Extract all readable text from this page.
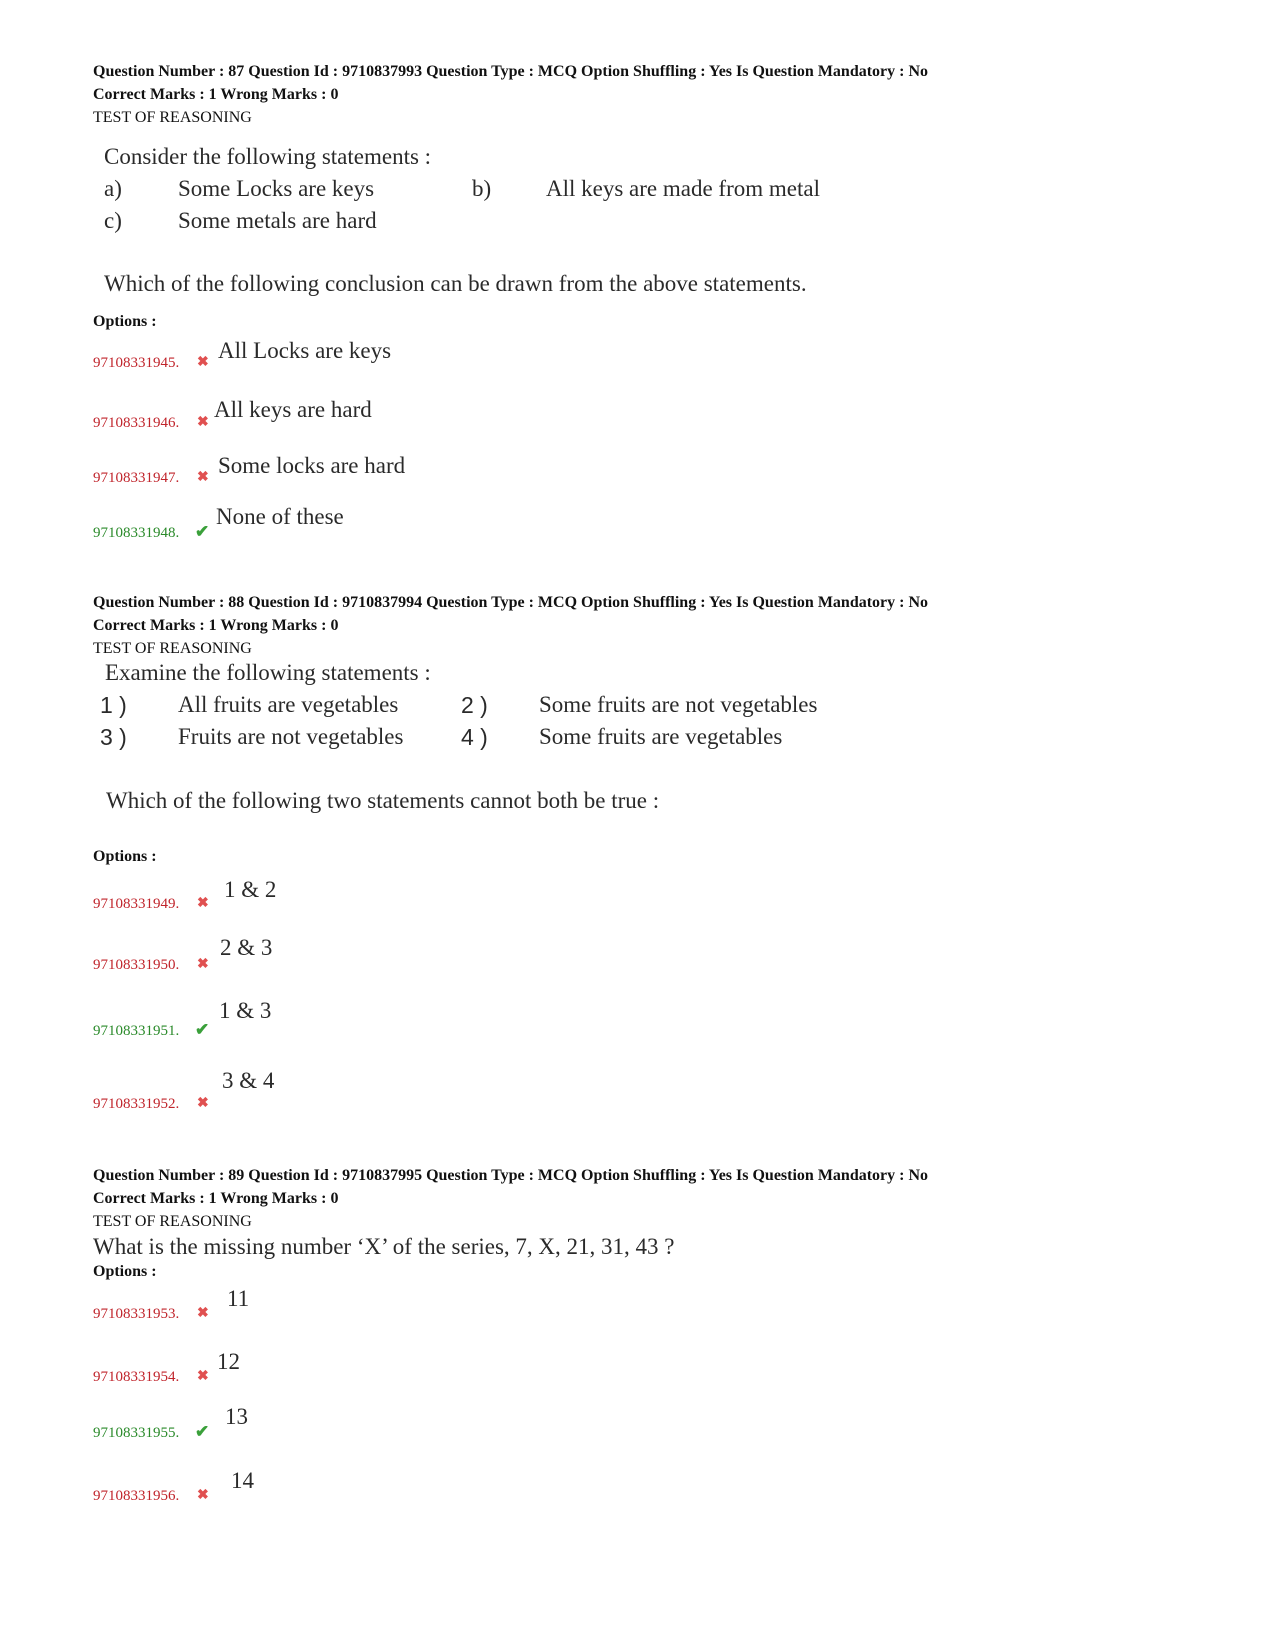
Question Number : 87 Question Id : 9710837993 Question Type : MCQ Option Shuffling : Yes Is Question Mandatory : No
Correct Marks : 1 Wrong Marks : 0
TEST OF REASONING
Consider the following statements :
a) Some Locks are keys	b) All keys are made from metal
c) Some metals are hard
Which of the following conclusion can be drawn from the above statements.
Options :
97108331945. ✖ All Locks are keys
97108331946. ✖
All keys are hard
97108331947. ✖ Some locks are hard
97108331948. ✔
None of these
Question Number : 88 Question Id : 9710837994 Question Type : MCQ Option Shuffling : Yes Is Question Mandatory : No
Correct Marks : 1 Wrong Marks : 0
TEST OF REASONING
Examine the following statements :
1 ) All fruits are vegetables	2 ) Some fruits are not vegetables
3 ) Fruits are not vegetables	4 ) Some fruits are vegetables
Which of the following two statements cannot both be true :
Options :
97108331949. ✖
1 & 2
97108331950. ✖
2 & 3
97108331951. ✔
1 & 3
97108331952. ✖
3 & 4
Question Number : 89 Question Id : 9710837995 Question Type : MCQ Option Shuffling : Yes Is Question Mandatory : No
Correct Marks : 1 Wrong Marks : 0
TEST OF REASONING
What is the missing number ‘X’ of the series, 7, X, 21, 31, 43 ?
Options :
97108331953. ✖
11
97108331954. ✖
12
97108331955. ✔
13
97108331956. ✖
14
